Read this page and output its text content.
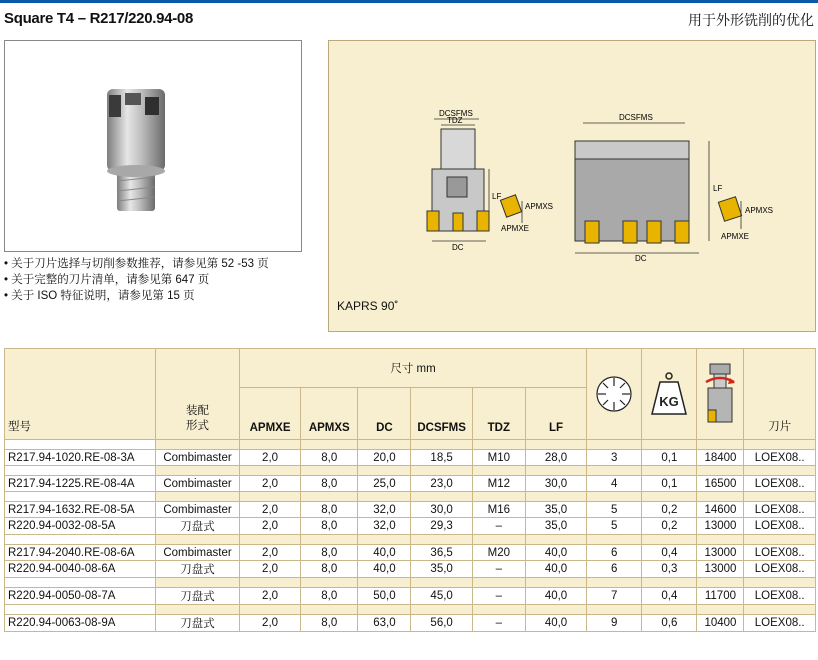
Square T4 – R217/220.94-08	用于外形铣削的优化
• 关于刀片选择与切削参数推荐，请参见第 52 -53 页
• 关于完整的刀片清单，请参见第 647 页
• 关于 ISO 特征说明，请参见第 15 页
DCSFMS
TDZ
LF
DC
APMXS
APMXE
DCSFMS
LF
DC
APMXS
APMXE
KAPRS 90˚
型号	装配
形式	尺寸 mm							KG		刀片
		APMXE	APMXS	DC	DCSFMS	TDZ	LF				

R217.94-1020.RE-08-3A	Combimaster	2,0	8,0	20,0	18,5	M10	28,0	3	0,1	18400	LOEX08..

R217.94-1225.RE-08-4A	Combimaster	2,0	8,0	25,0	23,0	M12	30,0	4	0,1	16500	LOEX08..

R217.94-1632.RE-08-5A	Combimaster	2,0	8,0	32,0	30,0	M16	35,0	5	0,2	14600	LOEX08..
R220.94-0032-08-5A	刀盘式	2,0	8,0	32,0	29,3	–	35,0	5	0,2	13000	LOEX08..

R217.94-2040.RE-08-6A	Combimaster	2,0	8,0	40,0	36,5	M20	40,0	6	0,4	13000	LOEX08..
R220.94-0040-08-6A	刀盘式	2,0	8,0	40,0	35,0	–	40,0	6	0,3	13000	LOEX08..

R220.94-0050-08-7A	刀盘式	2,0	8,0	50,0	45,0	–	40,0	7	0,4	11700	LOEX08..

R220.94-0063-08-9A	刀盘式	2,0	8,0	63,0	56,0	–	40,0	9	0,6	10400	LOEX08..
